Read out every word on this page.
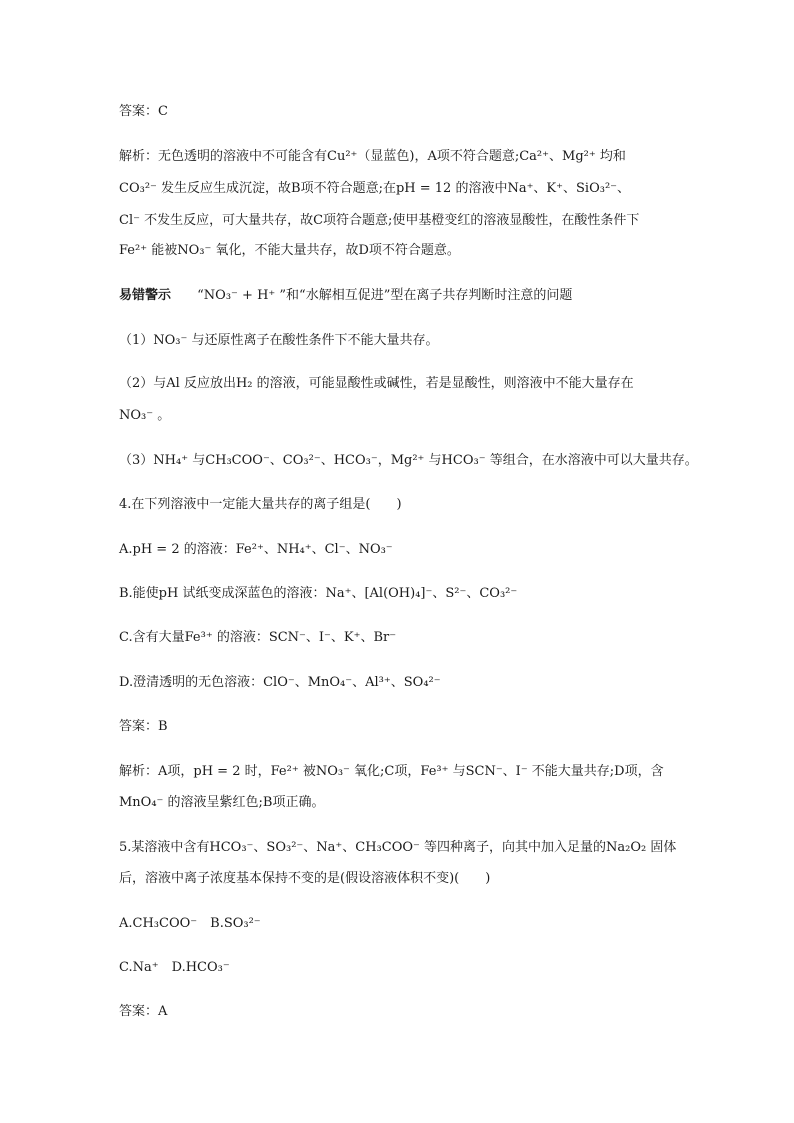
答案：C
解析：无色透明的溶液中不可能含有Cu²⁺（显蓝色)，A项不符合题意;Ca²⁺、Mg²⁺ 均和
CO₃²⁻ 发生反应生成沉淀，故B项不符合题意;在pH = 12 的溶液中Na⁺、K⁺、SiO₃²⁻、
Cl⁻ 不发生反应，可大量共存，故C项符合题意;使甲基橙变红的溶液显酸性，在酸性条件下
Fe²⁺ 能被NO₃⁻ 氧化，不能大量共存，故D项不符合题意。
易错警示 “NO₃⁻ + H⁺ ”和“水解相互促进”型在离子共存判断时注意的问题
（1）NO₃⁻ 与还原性离子在酸性条件下不能大量共存。
（2）与Al 反应放出H₂ 的溶液，可能显酸性或碱性，若是显酸性，则溶液中不能大量存在
NO₃⁻ 。
（3）NH₄⁺ 与CH₃COO⁻、CO₃²⁻、HCO₃⁻，Mg²⁺ 与HCO₃⁻ 等组合，在水溶液中可以大量共存。
4.在下列溶液中一定能大量共存的离子组是(　　)
A.pH = 2 的溶液：Fe²⁺、NH₄⁺、Cl⁻、NO₃⁻
B.能使pH 试纸变成深蓝色的溶液：Na⁺、[Al(OH)₄]⁻、S²⁻、CO₃²⁻
C.含有大量Fe³⁺ 的溶液：SCN⁻、I⁻、K⁺、Br⁻
D.澄清透明的无色溶液：ClO⁻、MnO₄⁻、Al³⁺、SO₄²⁻
答案：B
解析：A项，pH = 2 时，Fe²⁺ 被NO₃⁻ 氧化;C项，Fe³⁺ 与SCN⁻、I⁻ 不能大量共存;D项，含
MnO₄⁻ 的溶液呈紫红色;B项正确。
5.某溶液中含有HCO₃⁻、SO₃²⁻、Na⁺、CH₃COO⁻ 等四种离子，向其中加入足量的Na₂O₂ 固体
后，溶液中离子浓度基本保持不变的是(假设溶液体积不变)(　　)
A.CH₃COO⁻　B.SO₃²⁻
C.Na⁺　D.HCO₃⁻
答案：A
